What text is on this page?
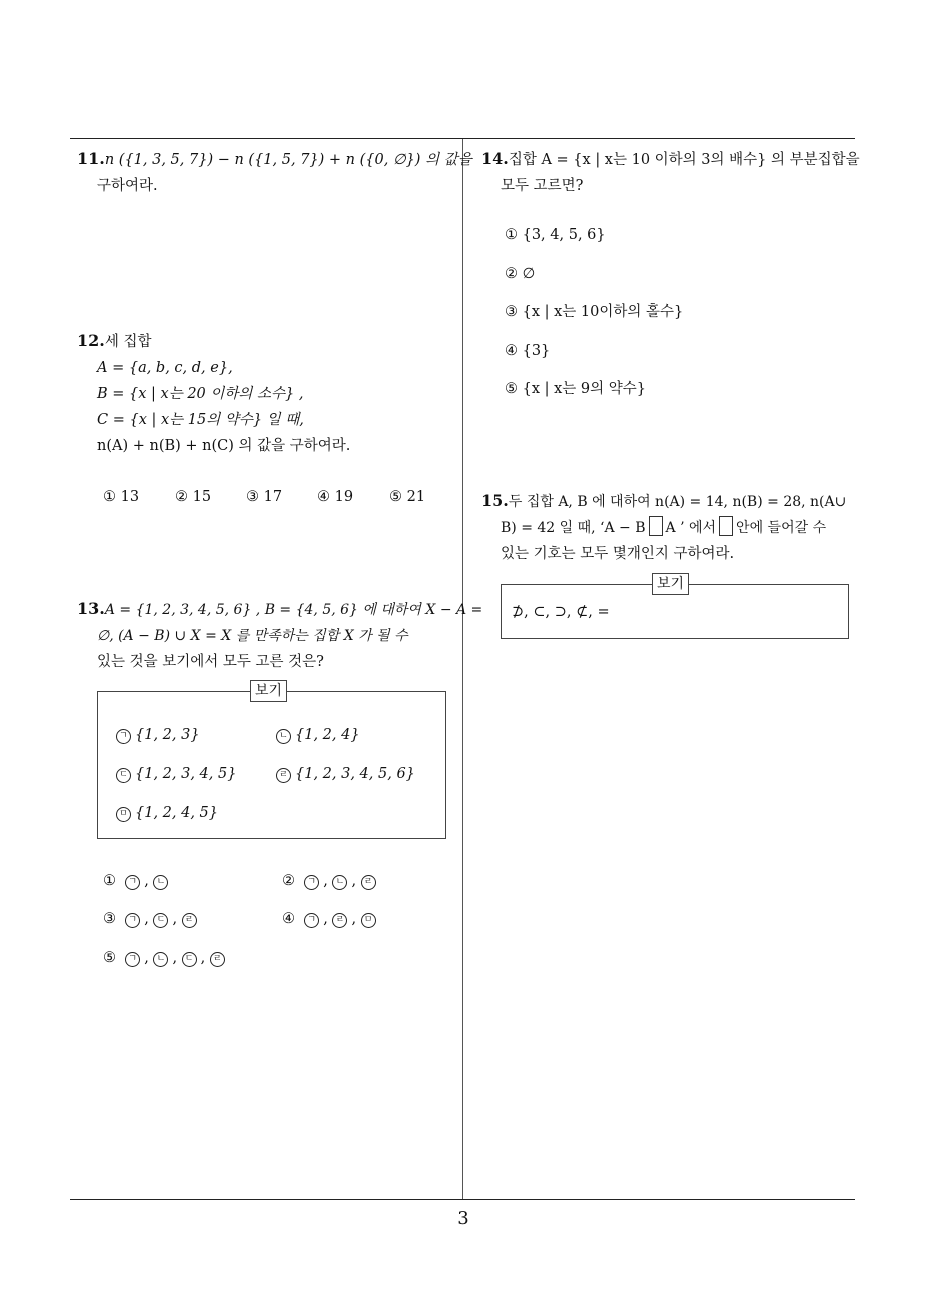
11.n ({1, 3, 5, 7}) − n ({1, 5, 7}) + n ({0, ∅}) 의 값을
구하여라.
12.세 집합
A = {a, b, c, d, e},
B = {x | x는 20 이하의 소수} ,
C = {x | x는 15의 약수} 일 때,
n(A) + n(B) + n(C) 의 값을 구하여라.
① 13 ② 15 ③ 17 ④ 19 ⑤ 21
13.A = {1, 2, 3, 4, 5, 6} , B = {4, 5, 6} 에 대하여 X − A =
∅, (A − B) ∪ X = X 를 만족하는 집합 X 가 될 수
있는 것을 보기에서 모두 고른 것은?
보기
ㄱ {1, 2, 3}	ㄴ {1, 2, 4}
ㄷ {1, 2, 3, 4, 5}	ㄹ {1, 2, 3, 4, 5, 6}
ㅁ {1, 2, 4, 5}
① ㄱ , ㄴ	② ㄱ , ㄴ , ㄹ
③ ㄱ , ㄷ , ㄹ	④ ㄱ , ㄹ , ㅁ
⑤ ㄱ , ㄴ , ㄷ , ㄹ
14.집합 A = {x | x는 10 이하의 3의 배수} 의 부분집합을
모두 고르면?
① {3, 4, 5, 6}
② ∅
③ {x | x는 10이하의 홀수}
④ {3}
⑤ {x | x는 9의 약수}
15.두 집합 A, B 에 대하여 n(A) = 14, n(B) = 28, n(A∪
B) = 42 일 때, ‘A − B A ’ 에서 안에 들어갈 수
있는 기호는 모두 몇개인지 구하여라.
보기
⊅, ⊂, ⊃, ⊄, =
3
